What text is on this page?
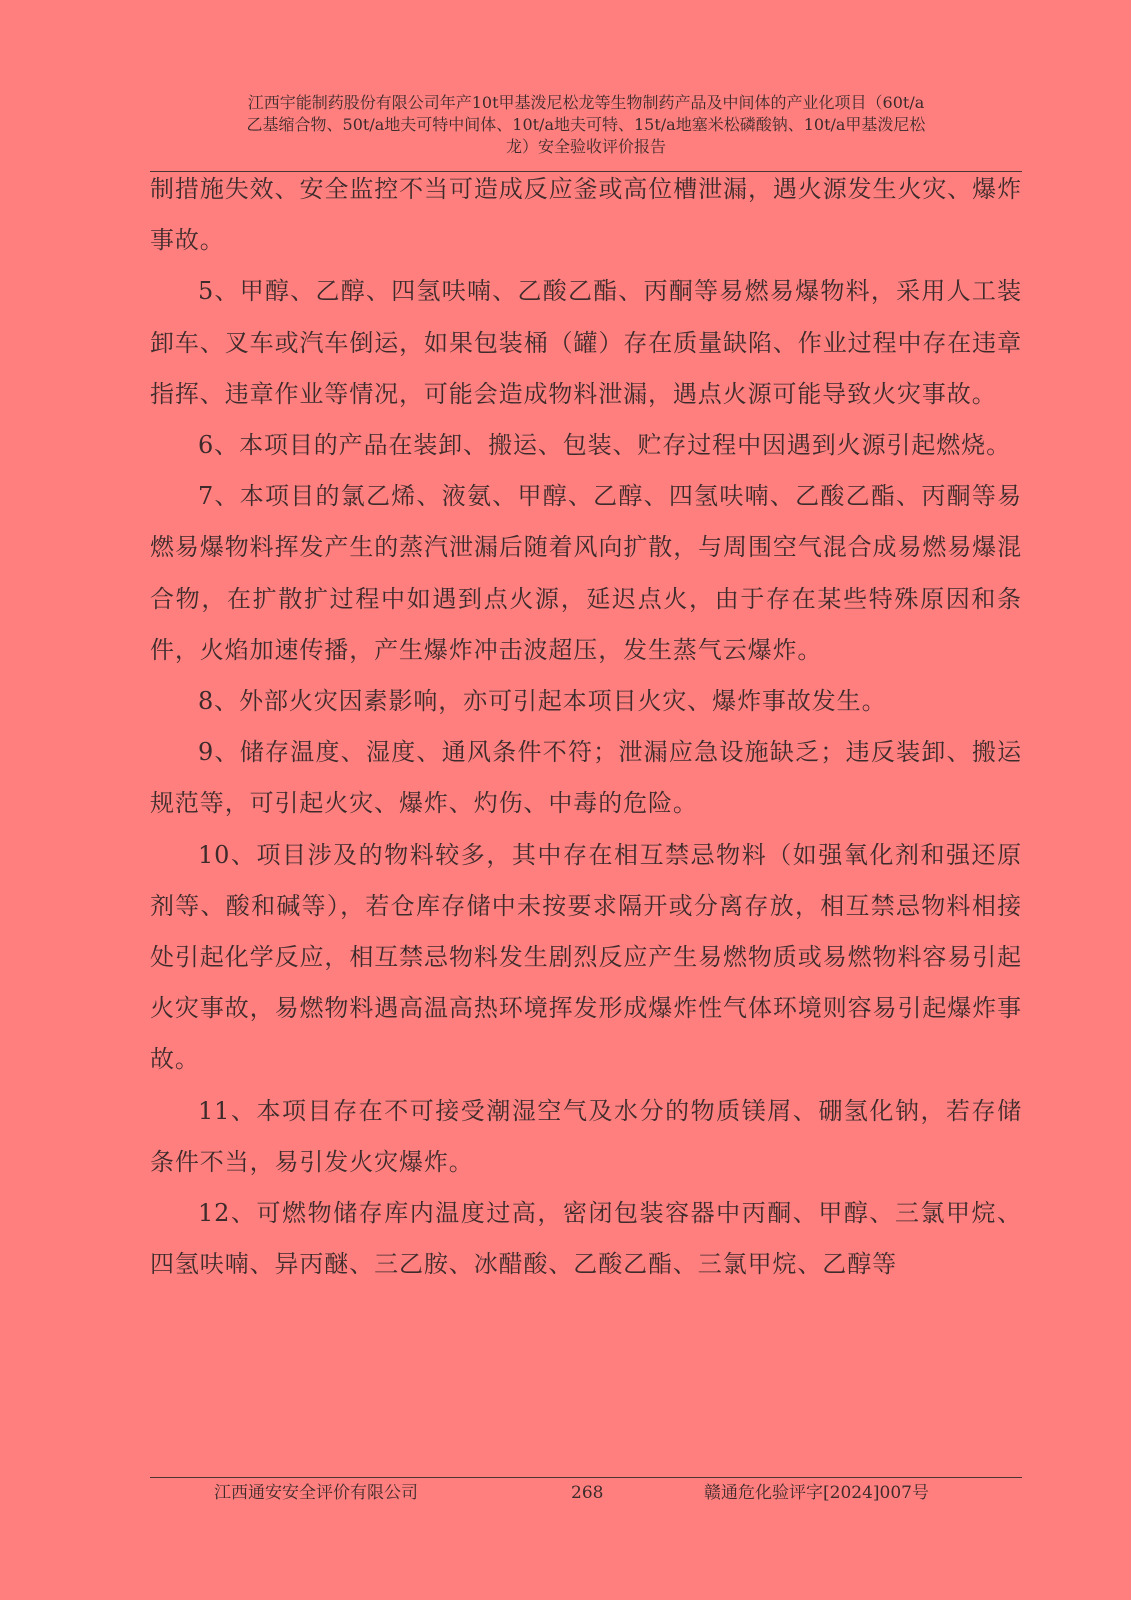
江西宇能制药股份有限公司年产10t甲基泼尼松龙等生物制药产品及中间体的产业化项目（60t/a
乙基缩合物、50t/a地夫可特中间体、10t/a地夫可特、15t/a地塞米松磷酸钠、10t/a甲基泼尼松
龙）安全验收评价报告

制措施失效、安全监控不当可造成反应釜或高位槽泄漏，遇火源发生火灾、爆炸事故。

5、甲醇、乙醇、四氢呋喃、乙酸乙酯、丙酮等易燃易爆物料，采用人工装卸车、叉车或汽车倒运，如果包装桶（罐）存在质量缺陷、作业过程中存在违章指挥、违章作业等情况，可能会造成物料泄漏，遇点火源可能导致火灾事故。

6、本项目的产品在装卸、搬运、包装、贮存过程中因遇到火源引起燃烧。

7、本项目的氯乙烯、液氨、甲醇、乙醇、四氢呋喃、乙酸乙酯、丙酮等易燃易爆物料挥发产生的蒸汽泄漏后随着风向扩散，与周围空气混合成易燃易爆混合物，在扩散扩过程中如遇到点火源，延迟点火，由于存在某些特殊原因和条件，火焰加速传播，产生爆炸冲击波超压，发生蒸气云爆炸。

8、外部火灾因素影响，亦可引起本项目火灾、爆炸事故发生。

9、储存温度、湿度、通风条件不符；泄漏应急设施缺乏；违反装卸、搬运规范等，可引起火灾、爆炸、灼伤、中毒的危险。

10、项目涉及的物料较多，其中存在相互禁忌物料（如强氧化剂和强还原剂等、酸和碱等），若仓库存储中未按要求隔开或分离存放，相互禁忌物料相接处引起化学反应，相互禁忌物料发生剧烈反应产生易燃物质或易燃物料容易引起火灾事故，易燃物料遇高温高热环境挥发形成爆炸性气体环境则容易引起爆炸事故。

11、本项目存在不可接受潮湿空气及水分的物质镁屑、硼氢化钠，若存储条件不当，易引发火灾爆炸。

12、可燃物储存库内温度过高，密闭包装容器中丙酮、甲醇、三氯甲烷、四氢呋喃、异丙醚、三乙胺、冰醋酸、乙酸乙酯、三氯甲烷、乙醇等

江西通安安全评价有限公司	268	赣通危化验评字[2024]007号
